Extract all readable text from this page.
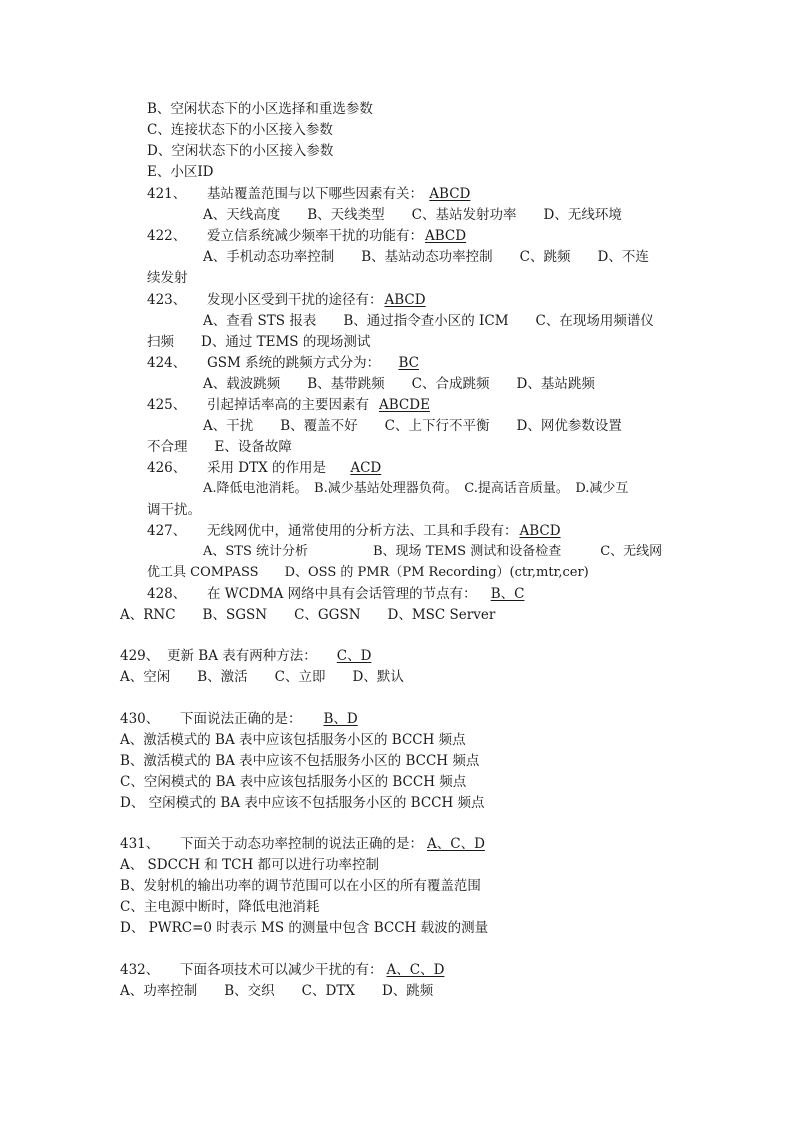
B、空闲状态下的小区选择和重选参数
C、连接状态下的小区接入参数
D、空闲状态下的小区接入参数
E、小区ID
421、 基站覆盖范围与以下哪些因素有关： ABCD
A、天线高度　　B、天线类型　　C、基站发射功率　　D、无线环境
422、 爱立信系统减少频率干扰的功能有： ABCD
A、手机动态功率控制　　B、基站动态功率控制　　C、跳频　　D、不连
续发射
423、 发现小区受到干扰的途径有： ABCD
A、查看 STS 报表　　B、通过指令查小区的 ICM　　C、在现场用频谱仪
扫频　　D、通过 TEMS 的现场测试
424、 GSM 系统的跳频方式分为： BC
A、载波跳频　　B、基带跳频　　C、合成跳频　　D、基站跳频
425、 引起掉话率高的主要因素有 ABCDE
A、干扰　　B、覆盖不好　　C、上下行不平衡　　D、网优参数设置
不合理　　E、设备故障
426、 采用 DTX 的作用是 ACD
A.降低电池消耗。　B.减少基站处理器负荷。　C.提高话音质量。　D.减少互
调干扰。
427、 无线网优中，通常使用的分析方法、工具和手段有： ABCD
A、STS 统计分析　　　　　B、现场 TEMS 测试和设备检查　　　C、无线网
优工具 COMPASS　　D、OSS 的 PMR（PM Recording）(ctr,mtr,cer)
428、 在 WCDMA 网络中具有会话管理的节点有： B、C
A、RNC　　B、SGSN　　C、GGSN　　D、MSC Server
429、 更新 BA 表有两种方法： C、D
A、空闲　　B、激活　　C、立即　　D、默认
430、 下面说法正确的是： B、D
A、激活模式的 BA 表中应该包括服务小区的 BCCH 频点
B、激活模式的 BA 表中应该不包括服务小区的 BCCH 频点
C、空闲模式的 BA 表中应该包括服务小区的 BCCH 频点
D、 空闲模式的 BA 表中应该不包括服务小区的 BCCH 频点
431、 下面关于动态功率控制的说法正确的是： A、C、D
A、 SDCCH 和 TCH 都可以进行功率控制
B、发射机的输出功率的调节范围可以在小区的所有覆盖范围
C、主电源中断时，降低电池消耗
D、 PWRC=0 时表示 MS 的测量中包含 BCCH 载波的测量
432、 下面各项技术可以减少干扰的有： A、C、D
A、功率控制　　B、交织　　C、DTX　　D、跳频
